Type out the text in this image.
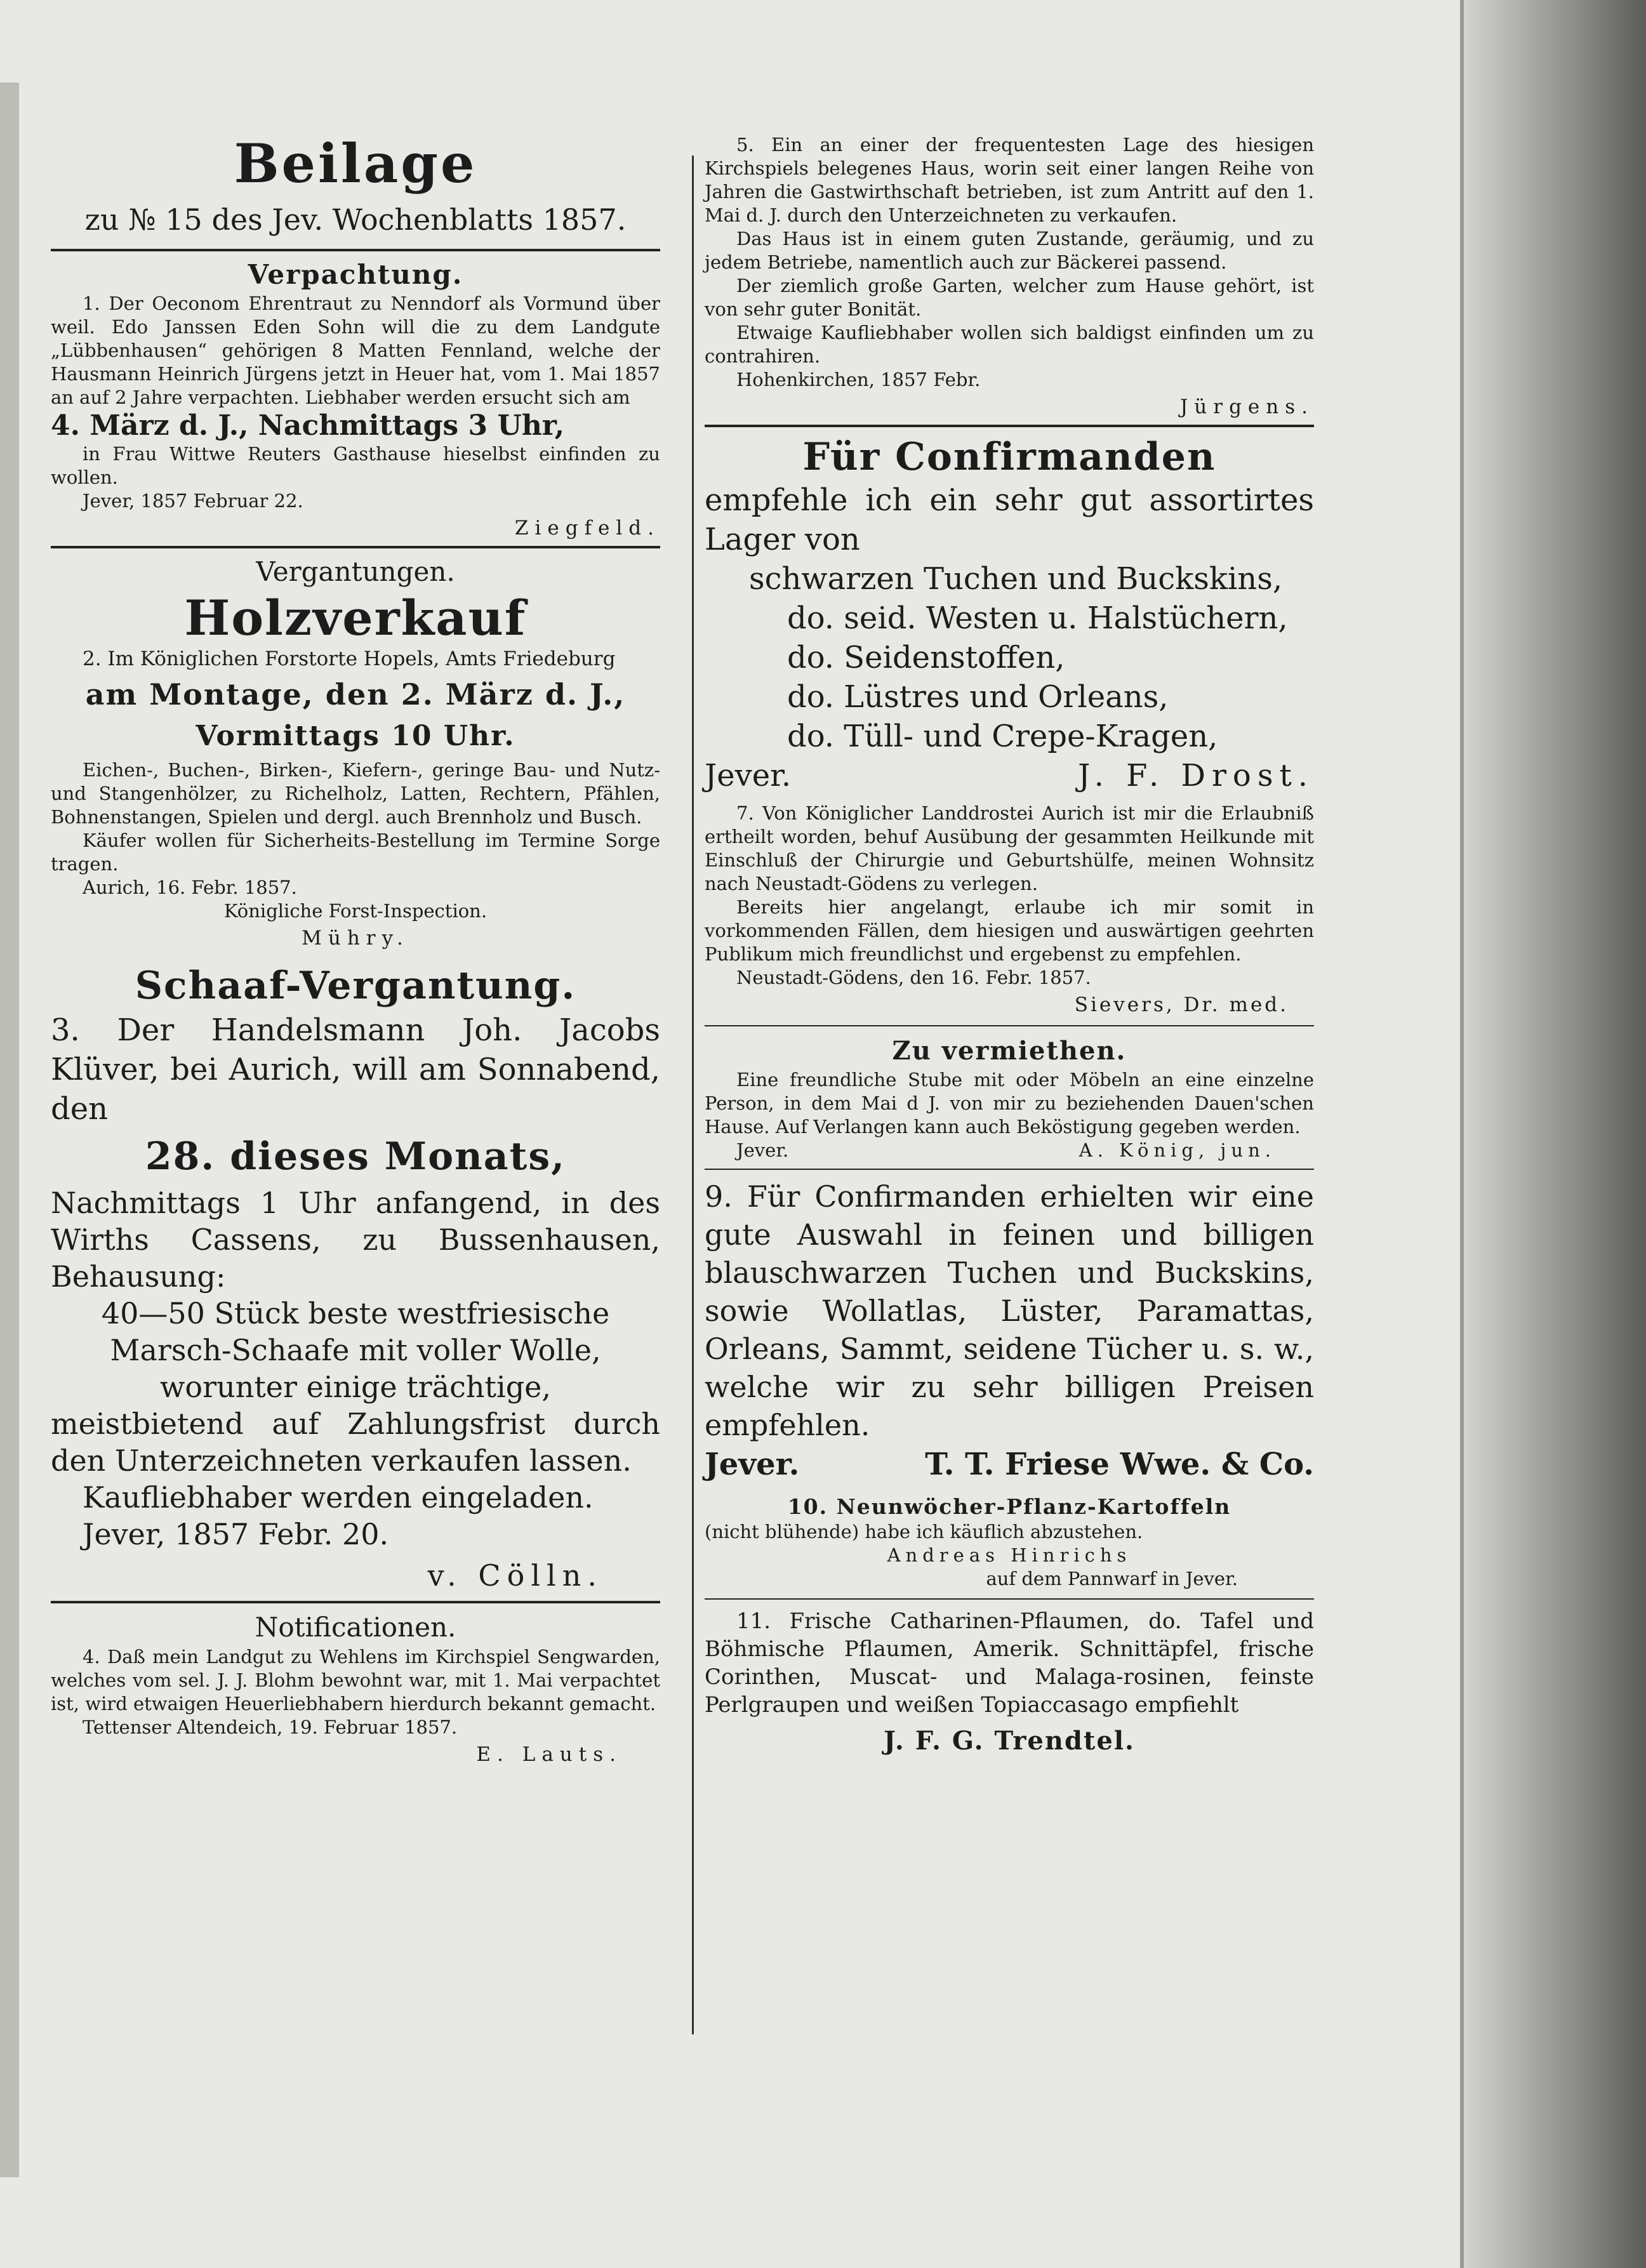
Beilage
zu № 15 des Jev. Wochenblatts 1857.
Verpachtung.

1. Der Oeconom Ehrentraut zu Nenndorf als Vormund über weil. Edo Janssen Eden Sohn will die zu dem Landgute „Lübbenhausen“ gehörigen 8 Matten Fennland, welche der Hausmann Heinrich Jürgens jetzt in Heuer hat, vom 1. Mai 1857 an auf 2 Jahre verpachten. Liebhaber werden ersucht sich am

4. März d. J., Nachmittags 3 Uhr,

in Frau Wittwe Reuters Gasthause hieselbst einfinden zu wollen.

Jever, 1857 Februar 22.

Ziegfeld.

Vergantungen.
Holzverkauf

2. Im Königlichen Forstorte Hopels, Amts Friedeburg

am Montage, den 2. März d. J.,

Vormittags 10 Uhr.

Eichen-, Buchen-, Birken-, Kiefern-, geringe Bau- und Nutz- und Stangenhölzer, zu Richelholz, Latten, Rechtern, Pfählen, Bohnenstangen, Spielen und dergl. auch Brennholz und Busch.

Käufer wollen für Sicherheits-Bestellung im Termine Sorge tragen.

Aurich, 16. Febr. 1857.

Königliche Forst-Inspection.

Mühry.

Schaaf-Vergantung.

3. Der Handelsmann Joh. Jacobs Klüver, bei Aurich, will am Sonnabend, den

28. dieses Monats,

Nachmittags 1 Uhr anfangend, in des Wirths Cassens, zu Bussenhausen, Behausung:

40—50 Stück beste westfriesische Marsch-Schaafe mit voller Wolle, worunter einige trächtige,

meistbietend auf Zahlungsfrist durch den Unterzeichneten verkaufen lassen.

Kaufliebhaber werden eingeladen.

Jever, 1857 Febr. 20.

v. Cölln.

Notificationen.

4. Daß mein Landgut zu Wehlens im Kirchspiel Sengwarden, welches vom sel. J. J. Blohm bewohnt war, mit 1. Mai verpachtet ist, wird etwaigen Heuerliebhabern hierdurch bekannt gemacht.

Tettenser Altendeich, 19. Februar 1857.

E. Lauts.

5. Ein an einer der frequentesten Lage des hiesigen Kirchspiels belegenes Haus, worin seit einer langen Reihe von Jahren die Gastwirthschaft betrieben, ist zum Antritt auf den 1. Mai d. J. durch den Unterzeichneten zu verkaufen.

Das Haus ist in einem guten Zustande, geräumig, und zu jedem Betriebe, namentlich auch zur Bäckerei passend.

Der ziemlich große Garten, welcher zum Hause gehört, ist von sehr guter Bonität.

Etwaige Kaufliebhaber wollen sich baldigst einfinden um zu contrahiren.

Hohenkirchen, 1857 Febr.

Jürgens.

Für Confirmanden

empfehle ich ein sehr gut assortirtes Lager von

schwarzen Tuchen und Buckskins,
do. seid. Westen u. Halstüchern,
do. Seidenstoffen,
do. Lüstres und Orleans,
do. Tüll- und Crepe-Kragen,
Jever.	J. F. Drost.

7. Von Königlicher Landdrostei Aurich ist mir die Erlaubniß ertheilt worden, behuf Ausübung der gesammten Heilkunde mit Einschluß der Chirurgie und Geburtshülfe, meinen Wohnsitz nach Neustadt-Gödens zu verlegen.

Bereits hier angelangt, erlaube ich mir somit in vorkommenden Fällen, dem hiesigen und auswärtigen geehrten Publikum mich freundlichst und ergebenst zu empfehlen.

Neustadt-Gödens, den 16. Febr. 1857.

Sievers, Dr. med.

Zu vermiethen.

Eine freundliche Stube mit oder Möbeln an eine einzelne Person, in dem Mai d J. von mir zu beziehenden Dauen'schen Hause. Auf Verlangen kann auch Beköstigung gegeben werden.

Jever.	A. König, jun.

9. Für Confirmanden erhielten wir eine gute Auswahl in feinen und billigen blauschwarzen Tuchen und Buckskins, sowie Wollatlas, Lüster, Paramattas, Orleans, Sammt, seidene Tücher u. s. w., welche wir zu sehr billigen Preisen empfehlen.

Jever.	T. T. Friese Wwe. & Co.

10. Neunwöcher-Pflanz-Kartoffeln

(nicht blühende) habe ich käuflich abzustehen.

Andreas Hinrichs

auf dem Pannwarf in Jever.

11. Frische Catharinen-Pflaumen, do. Tafel und Böhmische Pflaumen, Amerik. Schnittäpfel, frische Corinthen, Muscat- und Malaga-rosinen, feinste Perlgraupen und weißen Topiaccasago empfiehlt

J. F. G. Trendtel.
